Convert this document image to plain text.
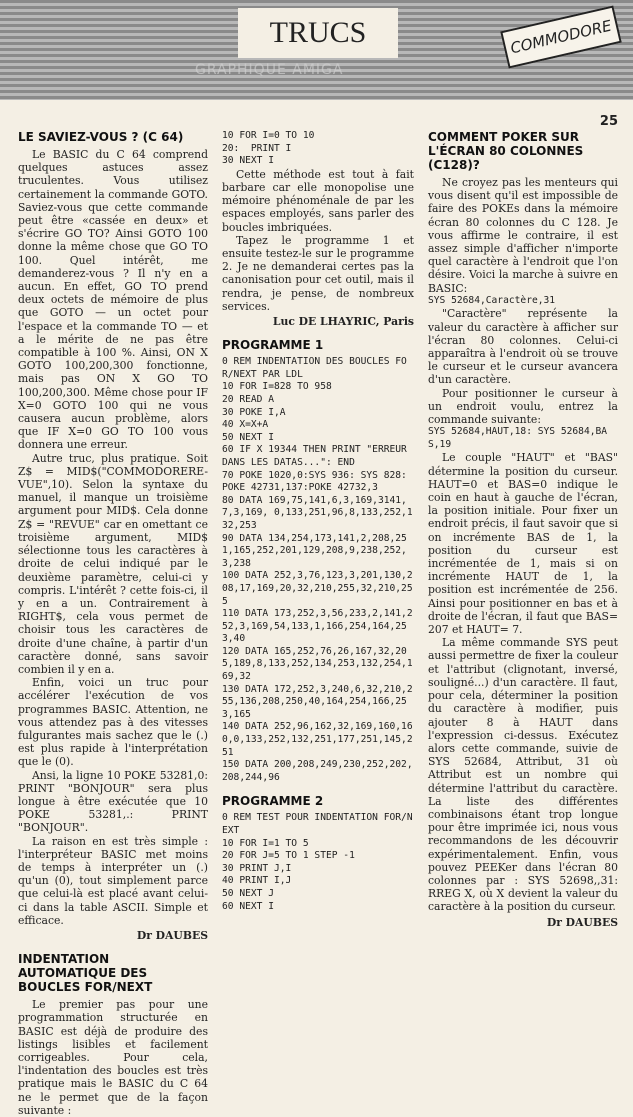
GRAPHIQUE AMIGA
TRUCS	COMMODORE
25
LE SAVIEZ-VOUS ? (C 64)

Le BASIC du C 64 comprend quelques astuces assez truculentes. Vous utilisez certainement la commande GOTO. Saviez-vous que cette commande peut être «cassée en deux» et s'écrire GO TO? Ainsi GOTO 100 donne la même chose que GO TO 100. Quel intérêt, me demanderez-vous ? Il n'y en a aucun. En effet, GO TO prend deux octets de mémoire de plus que GOTO — un octet pour l'espace et la commande TO — et a le mérite de ne pas être compatible à 100 %. Ainsi, ON X GOTO 100,200,300 fonctionne, mais pas ON X GO TO 100,200,300. Même chose pour IF X=0 GOTO 100 qui ne vous causera aucun problème, alors que IF X=0 GO TO 100 vous donnera une erreur.

Autre truc, plus pratique. Soit Z$ = MID$("COMMODORERE-VUE",10). Selon la syntaxe du manuel, il manque un troisième argument pour MID$. Cela donne Z$ = "REVUE" car en omettant ce troisième argument, MID$ sélectionne tous les caractères à droite de celui indiqué par le deuxième paramètre, celui-ci y compris. L'intérêt ? cette fois-ci, il y en a un. Contrairement à RIGHT$, cela vous permet de choisir tous les caractères de droite d'une chaîne, à partir d'un caractère donné, sans savoir combien il y en a.

Enfin, voici un truc pour accélérer l'exécution de vos programmes BASIC. Attention, ne vous attendez pas à des vitesses fulgurantes mais sachez que le (.) est plus rapide à l'interprétation que le (0).

Ansi, la ligne 10 POKE 53281,0: PRINT "BONJOUR" sera plus longue à être exécutée que 10 POKE 53281,.: PRINT "BONJOUR".

La raison en est très simple : l'interpréteur BASIC met moins de temps à interpréter un (.) qu'un (0), tout simplement parce que celui-là est placé avant celui-ci dans la table ASCII. Simple et efficace.

Dr DAUBES
INDENTATION AUTOMATIQUE DES BOUCLES FOR/NEXT

Le premier pas pour une programmation structurée en BASIC est déjà de produire des listings lisibles et facilement corrigeables. Pour cela, l'indentation des boucles est très pratique mais le BASIC du C 64 ne le permet que de la façon suivante :

10 FOR I=0 TO 10
20:  PRINT I
30 NEXT I

Cette méthode est tout à fait barbare car elle monopolise une mémoire phénoménale de par les espaces employés, sans parler des boucles imbriquées.

Tapez le programme 1 et ensuite testez-le sur le programme 2. Je ne demanderai certes pas la canonisation pour cet outil, mais il rendra, je pense, de nombreux services.

Luc DE LHAYRIC, Paris
PROGRAMME 1
0 REM INDENTATION DES BOUCLES FOR/NEXT PAR LDL
10 FOR I=828 TO 958
20 READ A
30 POKE I,A
40 X=X+A
50 NEXT I
60 IF X 19344 THEN PRINT "ERREUR DANS LES DATAS...": END
70 POKE 1020,0:SYS 936: SYS 828: POKE 42731,137:POKE 42732,3
80 DATA 169,75,141,6,3,169,3141,7,3,169, 0,133,251,96,8,133,252,132,253
90 DATA 134,254,173,141,2,208,251,165,252,201,129,208,9,238,252,3,238
100 DATA 252,3,76,123,3,201,130,208,17,169,20,32,210,255,32,210,255
110 DATA 173,252,3,56,233,2,141,252,3,169,54,133,1,166,254,164,253,40
120 DATA 165,252,76,26,167,32,205,189,8,133,252,134,253,132,254,169,32
130 DATA 172,252,3,240,6,32,210,255,136,208,250,40,164,254,166,253,165
140 DATA 252,96,162,32,169,160,160,0,133,252,132,251,177,251,145,251
150 DATA 200,208,249,230,252,202,208,244,96
PROGRAMME 2
0 REM TEST POUR INDENTATION FOR/NEXT
10 FOR I=1 TO 5
20 FOR J=5 TO 1 STEP -1
30 PRINT J,I
40 PRINT I,J
50 NEXT J
60 NEXT I
COMMENT POKER SUR L'ÉCRAN 80 COLONNES (C128)?

Ne croyez pas les menteurs qui vous disent qu'il est impossible de faire des POKEs dans la mémoire écran 80 colonnes du C 128. Je vous affirme le contraire, il est assez simple d'afficher n'importe quel caractère à l'endroit que l'on désire. Voici la marche à suivre en BASIC:

SYS 52684,Caractère,31

"Caractère" représente la valeur du caractère à afficher sur l'écran 80 colonnes. Celui-ci apparaîtra à l'endroit où se trouve le curseur et le curseur avancera d'un caractère.

Pour positionner le curseur à un endroit voulu, entrez la commande suivante:

SYS 52684,HAUT,18: SYS 52684,BAS,19

Le couple "HAUT" et "BAS" détermine la position du curseur. HAUT=0 et BAS=0 indique le coin en haut à gauche de l'écran, la position initiale. Pour fixer un endroit précis, il faut savoir que si on incrémente BAS de 1, la position du curseur est incrémentée de 1, mais si on incrémente HAUT de 1, la position est incrémentée de 256. Ainsi pour positionner en bas et à droite de l'écran, il faut que BAS= 207 et HAUT= 7.

La même commande SYS peut aussi permettre de fixer la couleur et l'attribut (clignotant, inversé, souligné...) d'un caractère. Il faut, pour cela, déterminer la position du caractère à modifier, puis ajouter 8 à HAUT dans l'expression ci-dessus. Exécutez alors cette commande, suivie de SYS 52684, Attribut, 31 où Attribut est un nombre qui détermine l'attribut du caractère. La liste des différentes combinaisons étant trop longue pour être imprimée ici, nous vous recommandons de les découvrir expérimentalement. Enfin, vous pouvez PEEKer dans l'écran 80 colonnes par : SYS 52698,,31: RREG X, où X devient la valeur du caractère à la position du curseur.

Dr DAUBES
